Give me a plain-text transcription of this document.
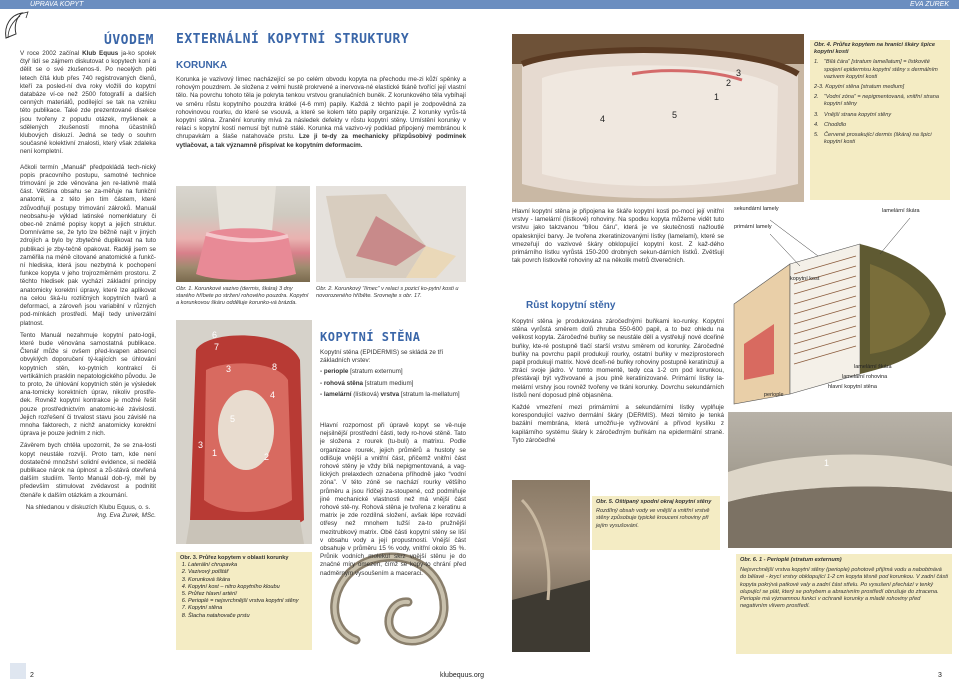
ÚPRAVA KOPYT	EVA ZUREK
ÚVODEM
V roce 2002 začínal Klub Equus ja-ko spolek čtyř lidí se zájmem diskutovat o kopytech koní a dělit se o své zkušenos-ti. Po necelých pěti letech čítá klub přes 740 registrovaných členů, kteří za posled-ní dva roky vložili do kopytní databáze ví-ce než 2500 fotografií a dalších cenných materiálů, podílející se tak na vzniku této publikace. Také zde prezentované disekce jsou tvořeny z popudu otázek, myšlenek a sdělených zkušeností mnoha účastníků klubových diskuzí. Jedná se tedy o souhrn současné kolektivní znalosti, který však zdaleka není kompletní.
Ačkoli termín „Manuál“ předpokládá tech-nický popis pracovního postupu, samotné technice trimování je zde věnována jen re-lativně malá část. Většina obsahu se za-měřuje na funkční anatomii, a z této jen tím částem, které zdůvodňují postupy trimování zákroků. Manuál neobsahu-je výklad latinské nomenklatury či obec-ně známé popisy kopyt a jejich struktur. Domníváme se, že tyto lze běžně najít v jiných zdrojích a bylo by zbytečné duplikovat na tuto publikaci je zby-tečně opakovat. Raději jsem se zaměřila na méně citované anatomické a funkč-ní hlediska, která jsou nezbytná k pochopení funkce kopyta v jeho trojrozměrném prostoru. Z těchto hledisek pak vychází základní principy anatomicky korektní úpravy, které lze aplikovat na celou šká-lu rozličných kopytních tvarů a deformací, a zároveň jsou variabilní v různých pod-mínkách prostředí. Mají tedy univerzální platnost.
Tento Manuál nezahrnuje kopytní pato-logii, které bude věnována samostatná publikace. Čtenář může si ovšem před-kvapen absencí obvyklých doporučení tý-kajících se úhlování kopytních stěn, ko-pytních kontrakcí či vertikálních prasklin nepatologického původu. Je to proto, že úhlování kopytních stěn je výsledek ana-tomicky korektních úprav, nikoliv prostře-dek. Rovněž kopytní kontrakce je možné řešit pouze prostřednictvím anatomic-ké závislosti. Jejich rozřešení či trvalost stavu jsou závislé na mnoha faktorech, z nichž anatomicky korektní úprava je pouze jedním z nich.
Závěrem bych chtěla upozornit, že se zna-losti kopyt neustále rozvíjí. Proto tam, kde není dostatečné množství solidní evidence, si nedělá publikace nárok na úplnost a zů-stává otevřená dalším studiím. Tento Manuál dob-rý, měl by především stimulovat zvědavost a podnítit čtenáře k dalším otázkám a zkoumání.
Na shledanou v diskuzích Klubu Equus, o. s.
Ing. Eva Zurek, MSc.
EXTERNÁLNÍ KOPYTNÍ STRUKTURY
KORUNKA
Korunka je vazivový límec nacházející se po celém obvodu kopyta na přechodu me-zi kůží spěnky a rohovým pouzdrem. Je složena z velmi hustě prokrvené a inervova-né elastické tkáně tvořící její vlastní tělo. Na povrchu tohoto těla je pokryta tenkou vrstvou granulačních buněk. Z korunkového těla vybíhají ve směru růstu kopytního pouzdra krátké (4-6 mm) papily. Každá z těchto papil je zodpovědná za rohovinovou rourku, do které se vsouvá, a které se kolem této papily organizuje. Z korunky vyrůs-tá kopytní stěna. Zranění korunky mívá za následek defekty v růstu kopytní stěny. Umístění korunky v relaci s kopytní kostí nemusí být nutně stálé. Korunka má vazivo-vý podklad připojený membránou k chrupavkám a šlaše natahovače prstu. Lze ji te-dy za mechanicky přizpůsobivý podmínek vytlačovat, a tak významně přispívat ke kopytním deformacím.
Obr. 1. Korunkové vazivo (dermis, škára) 3 dny starého hříbete po stržení rohového pouzdra. Kopytní a korunkovou škáru odděluje korunko-vá brázda.
Obr. 2. Korunkový “límec” v relaci s pozicí ko-pytní kosti u novorozeného hříběte. Srovnejte s obr. 17.
6
7
8
3
4
5
1	2
3
Obr. 3. Průřez kopytem v oblasti korunky
1. Laterální chrupavka
2. Vazivový polštář
3. Korunková škára
4. Kopytní kost – nitro kopytního kloubu
5. Průřez hlavní artérií
6. Perioplé = nejsvrchnější vrstva kopytní stěny
7. Kopytní stěna
8. Šlacha natahovače prstu
KOPYTNÍ STĚNA
Kopytní stěna (EPIDERMIS) se skládá ze tří základních vrstev:
- periople [stratum externum]
- rohová stěna [stratum medium]
- lamelární (lístková) vrstva [stratum la-mellatum]
Hlavní rozpornost při úpravě kopyt se vě-nuje nejsilnější prostřední části, tedy ro-hové stěně. Tato je složena z rourek (tu-buli) a matrixu. Podle organizace rourek, jejich průměrů a hustoty se odlišuje vnější a vnitřní část, přičemž vnitřní část rohové stěny je vždy bílá nepigmentovaná, a vag-lických prelaxdech označena příhodně jako “vodní zóna”. V této zóně se nachází rourky většího průměru a jsou řídčeji za-stoupené, což podmiňuje jiné mechanické vlastnosti než má vnější část rohové stě-ny. Rohová stěna je tvořena z keratinu a matrix je zde rozdílná složení, avšak lépe rozvádí otřesy než mnohem tužší za-to pružnější mezitrubkový matrix. Obě části kopytní stěny se liší v obsahu vody a její propustnosti. Vnější část obsahuje v průměru 15 % vody, vnitřní okolo 35 %. Průnik vodních molekul skrz vnější stěnu je do značné míry omezen, čímž se kopy-to chrání před nadměrným vysoušením a maceraci.
1
2
3
4	5
Obr. 4. Průřez kopytem na hranici škáry špice kopytní kosti
1. “Bílá čára” [stratum lamellatum] = lístkovité spojení epidermisu kopytní stěny s dermálním vazivem kopytní kosti
2-3. Kopytní stěna [stratum medium]
2. “Vodní zóna” = nepigmentovaná, vnitřní strana kopytní stěny
3. Vnější strana kopytní stěny
4. Chodidlo
5. Červené prosakující dermis (škára) na špici kopytní kosti
Hlavní kopytní stěna je připojena ke škáře kopytní kosti po-mocí její vnitřní vrstvy - lamelární (lístkové) rohoviny. Na spodku kopyta můžeme vidět tuto vrstvu jako takzvanou “bílou čáru”, která je ve skutečnosti nažloutlé opalesknjící barvy. Je tvořena zkeratinizovanými lístky (lamelami), které se vmezeřují do vazivové škáry obklopující kopytní kost. Z kaž-dého primárního lístku vyrůstá 150-200 drobných sekun-dárních lístků. Zvětšují tak povrch lístkovité rohoviny až na několik metrů čtverečních.
Růst kopytní stěny
Kopytní stěna je produkována záročeďnými buňkami ko-runky. Kopytní stěna vyrůstá směrem dolů zhruba 550-600 papil, a to bez ohledu na velikost kopyta. Záročeďné buňky se neustále dělí a vystřelují nové dceřiné buňky, kte-ré postupně tlačí starší vrstvu směrem od korunky. Záročeďné buňky na povrchu papil produkují rourky, ostatní buňky v mezíprostorech papil produkují matrix. Nové dceři-né buňky rohoviny postupně keratinizují a ztrácí svoje jádro. V tomto momentě, tedy cca 1-2 cm pod korunkou, přestávají být vyživované a jsou plně keratinizované. Primární lístky la-melární vrstvy jsou rovněž tvořeny ve tkáni korunky. Dovrchu sekundárních lístků není doposud plně objasněna.
Každé vmezření mezi primárními a sekundárními lístky vyplňuje korespondující vazivo dermální škáry (DERMIS). Mezi těmito je tenká bazální membrána, která umožňu-je vyživování a přívod kyslíku z kapilárního systému škáry k záročeďným buňkám na epidermální straně. Tyto záročeďné
sekundární lamely
primární lamely
lamelární škára
kopytní kost
lamelární škára
lamelární rohovina
hlavní kopytní stěna
periople
Obr. 5. Oštípaný spodní okraj kopytní stěny
Rozdílný obsah vody ve vnější a vnitřní vrstvě stěny způsobuje typické krouceni rohoviny při jejím vysušování.
1
Obr. 6. 1 - Perioplé (stratum externum)
Nejsvrchnější vrstva kopytní stěny (periople) pohotově přijímá vodu a nabobtnává do bělavé - krycí vrstvy obklopující 1-2 cm kopyta těsně pod korunkou. V zadní části kopyta pokrývá patkové valy a zadní část střelu. Po vysušení přechází v tenký olupující se plát, který se pohybem a abrazivním prostředí obrušuje do ztracena. Periople má významnou funkci v ochraně korunky a mladé rohoviny před negativním vlivem prostředí.
2	klubequus.org	3
